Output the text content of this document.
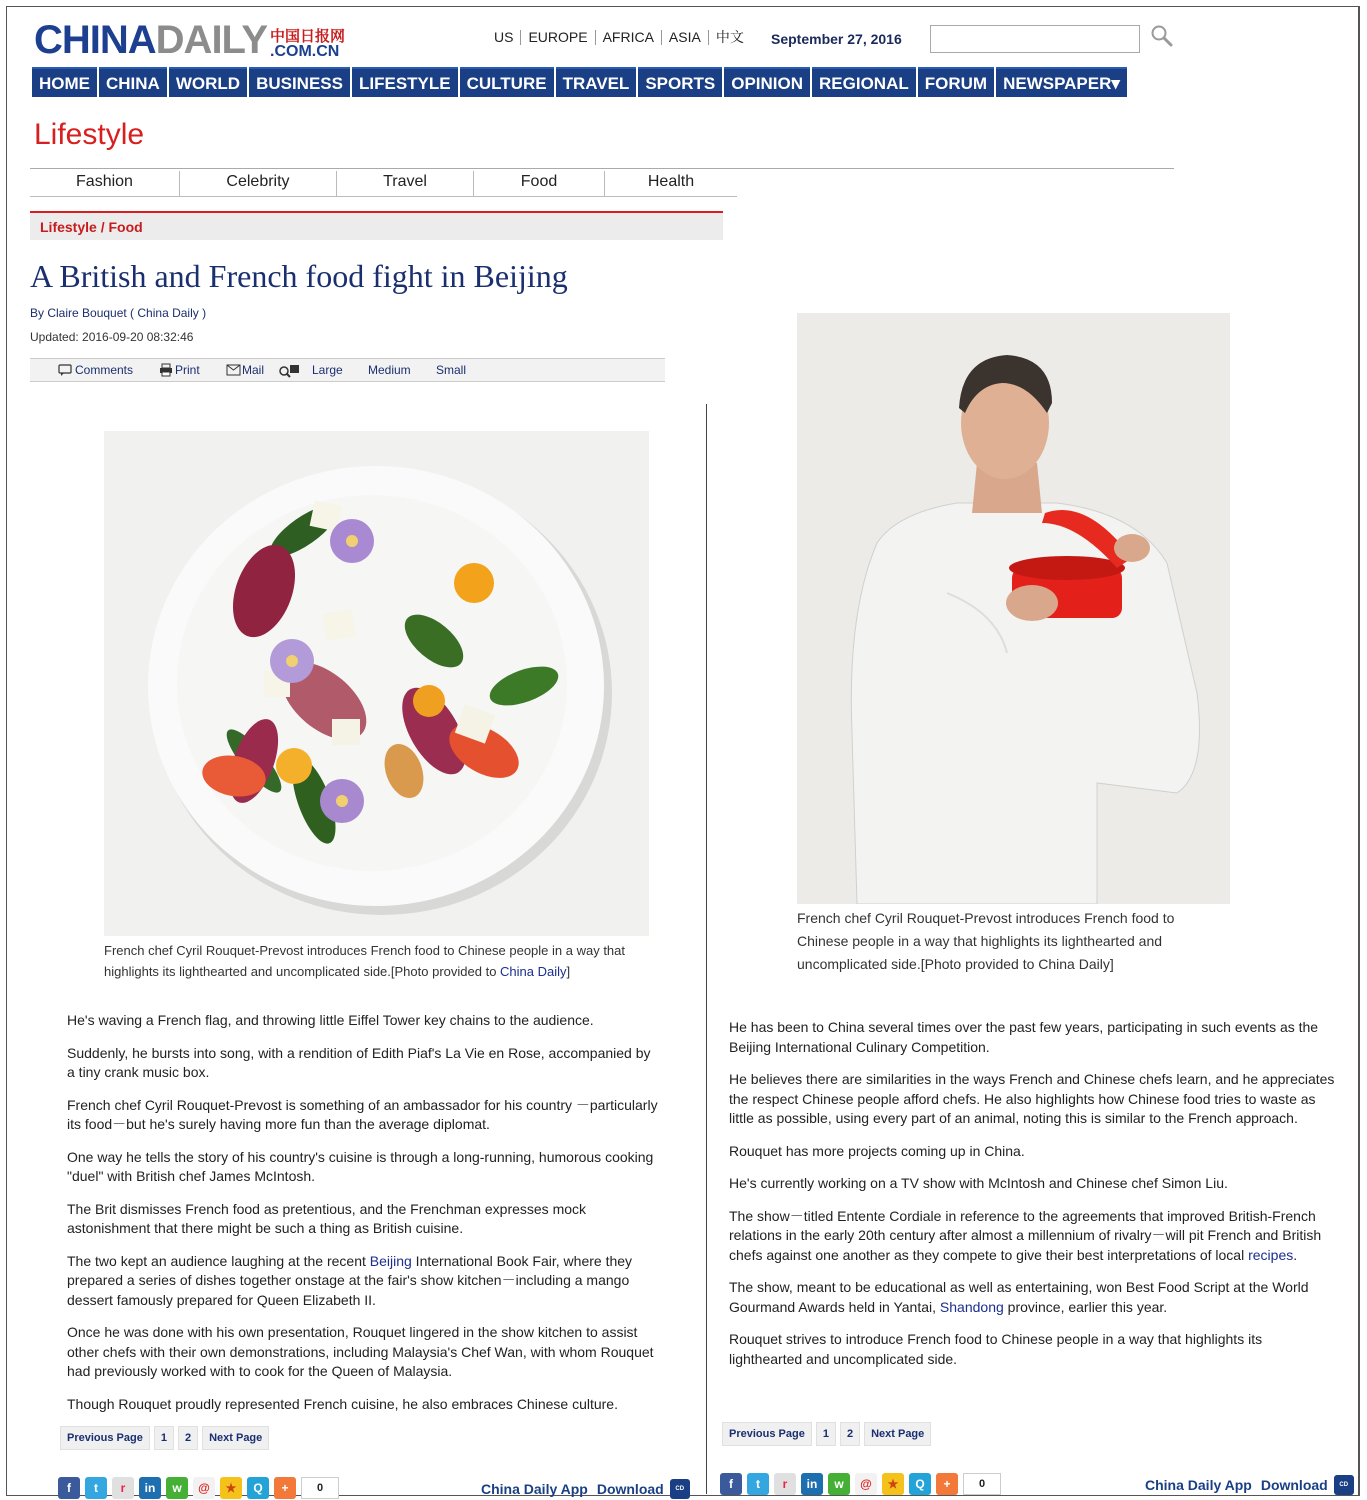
CHINA DAILY 中国日报网
.COM.CN
US	EUROPE	AFRICA	ASIA	中文	September 27, 2016
HOME CHINA WORLD BUSINESS LIFESTYLE CULTURE TRAVEL SPORTS OPINION REGIONAL FORUM NEWSPAPER▾
Lifestyle
Fashion	Celebrity	Travel	Food	Health
Lifestyle / Food
A British and French food fight in Beijing
By Claire Bouquet ( China Daily )
Updated: 2016-09-20 08:32:46
Comments	Print	Mail	Large Medium Small
French chef Cyril Rouquet-Prevost introduces French food to Chinese people in a way that highlights its lighthearted and uncomplicated side.[Photo provided to China Daily]
French chef Cyril Rouquet-Prevost introduces French food to Chinese people in a way that highlights its lighthearted and uncomplicated side.[Photo provided to China Daily]

He's waving a French flag, and throwing little Eiffel Tower key chains to the audience.

Suddenly, he bursts into song, with a rendition of Edith Piaf's La Vie en Rose, accompanied by a tiny crank music box.

French chef Cyril Rouquet-Prevost is something of an ambassador for his country －particularly its food－but he's surely having more fun than the average diplomat.

One way he tells the story of his country's cuisine is through a long-running, humorous cooking "duel" with British chef James McIntosh.

The Brit dismisses French food as pretentious, and the Frenchman expresses mock astonishment that there might be such a thing as British cuisine.

The two kept an audience laughing at the recent Beijing International Book Fair, where they prepared a series of dishes together onstage at the fair's show kitchen－including a mango dessert famously prepared for Queen Elizabeth II.

Once he was done with his own presentation, Rouquet lingered in the show kitchen to assist other chefs with their own demonstrations, including Malaysia's Chef Wan, with whom Rouquet had previously worked with to cook for the Queen of Malaysia.

Though Rouquet proudly represented French cuisine, he also embraces Chinese culture.

Previous Page	1	2	Next Page
f	t	r	in	w	@	★	Q	+	0	China Daily App Download	CD

He has been to China several times over the past few years, participating in such events as the Beijing International Culinary Competition.

He believes there are similarities in the ways French and Chinese chefs learn, and he appreciates the respect Chinese people afford chefs. He also highlights how Chinese food tries to waste as little as possible, using every part of an animal, noting this is similar to the French approach.

Rouquet has more projects coming up in China.

He's currently working on a TV show with McIntosh and Chinese chef Simon Liu.

The show－titled Entente Cordiale in reference to the agreements that improved British-French relations in the early 20th century after almost a millennium of rivalry－will pit French and British chefs against one another as they compete to give their best interpretations of local recipes.

The show, meant to be educational as well as entertaining, won Best Food Script at the World Gourmand Awards held in Yantai, Shandong province, earlier this year.

Rouquet strives to introduce French food to Chinese people in a way that highlights its lighthearted and uncomplicated side.

Previous Page	1	2	Next Page
f	t	r	in	w	@	★	Q	+	0	China Daily App Download	CD
